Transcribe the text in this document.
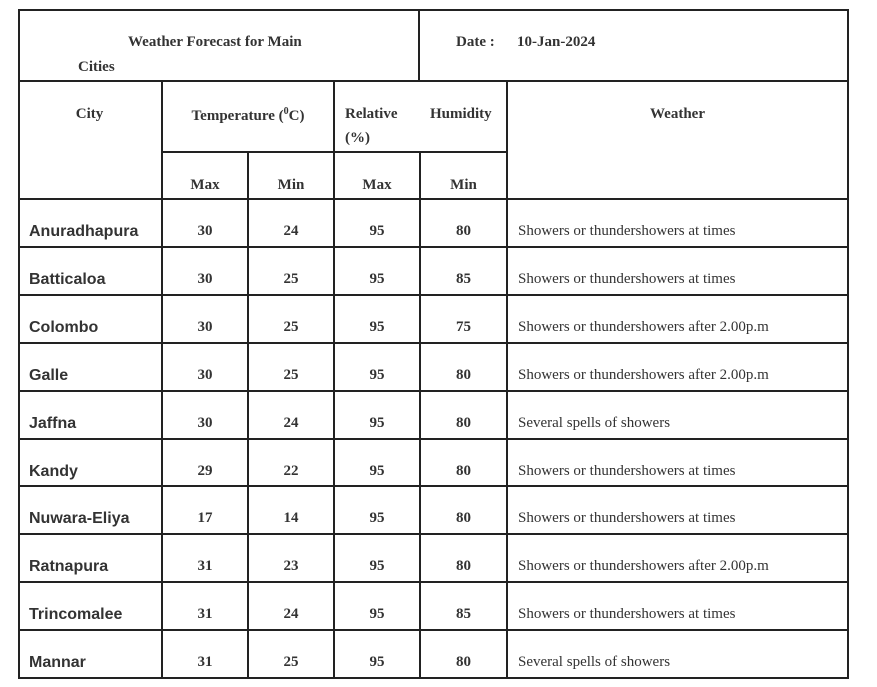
Weather Forecast for Main
Cities
Date : 10-Jan-2024
City	Temperature ($^0$C)	Relative Humidity
(%)
Weather
Max	Min	Max	Min
Anuradhapura	30	24	95	80	Showers or thundershowers at times
Batticaloa	30	25	95	85	Showers or thundershowers at times
Colombo	30	25	95	75	Showers or thundershowers after 2.00p.m
Galle	30	25	95	80	Showers or thundershowers after 2.00p.m
Jaffna	30	24	95	80	Several spells of showers
Kandy	29	22	95	80	Showers or thundershowers at times
Nuwara-Eliya	17	14	95	80	Showers or thundershowers at times
Ratnapura	31	23	95	80	Showers or thundershowers after 2.00p.m
Trincomalee	31	24	95	85	Showers or thundershowers at times
Mannar	31	25	95	80	Several spells of showers
